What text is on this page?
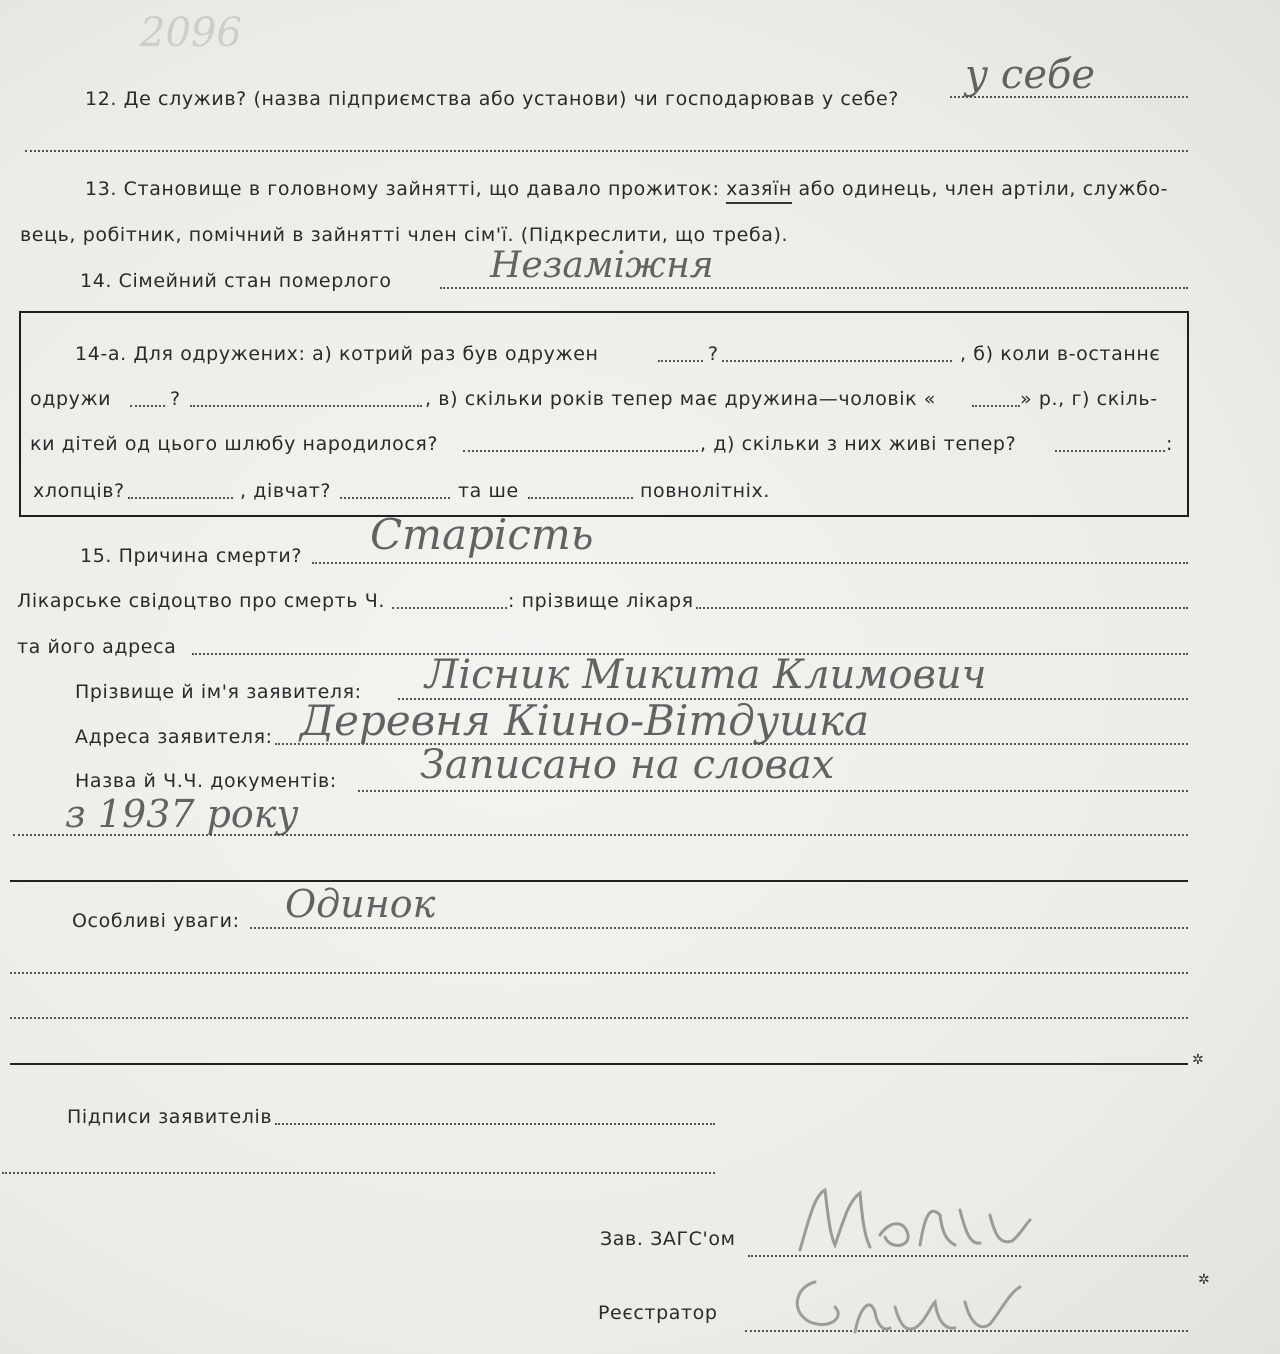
2096
12. Де служив? (назва підприємства або установи) чи господарював у себе?
у себе
13. Становище в головному зайнятті, що давало прожиток: хазяїн або одинець, член артіли, службо-
вець, робітник, помічний в зайнятті член сім'ї. (Підкреслити, що треба).
14. Сімейний стан померлого	Незаміжня
14-а. Для одружених: а) котрий раз був одружен	?	, б) коли в-останнє
одружи	?	, в) скільки років тепер має дружина—чоловік «	» р., г) скіль-
ки дітей од цього шлюбу народилося?	, д) скільки з них живі тепер?	:
хлопців?	, дівчат?	та ше	повнолітніх.
15. Причина смерти? Старість
Лікарське свідоцтво про смерть Ч.	: прізвище лікаря
та його адреса
Прізвище й ім'я заявителя: Лісник Микита Климович
Адреса заявителя: Деревня Кіино-Вітдушка
Назва й Ч.Ч. документів: Записано на словах
з 1937 року
Особливі уваги: Одинок
Підписи заявителів
Зав. ЗАГС'ом
Реєстратор
✲
✲
